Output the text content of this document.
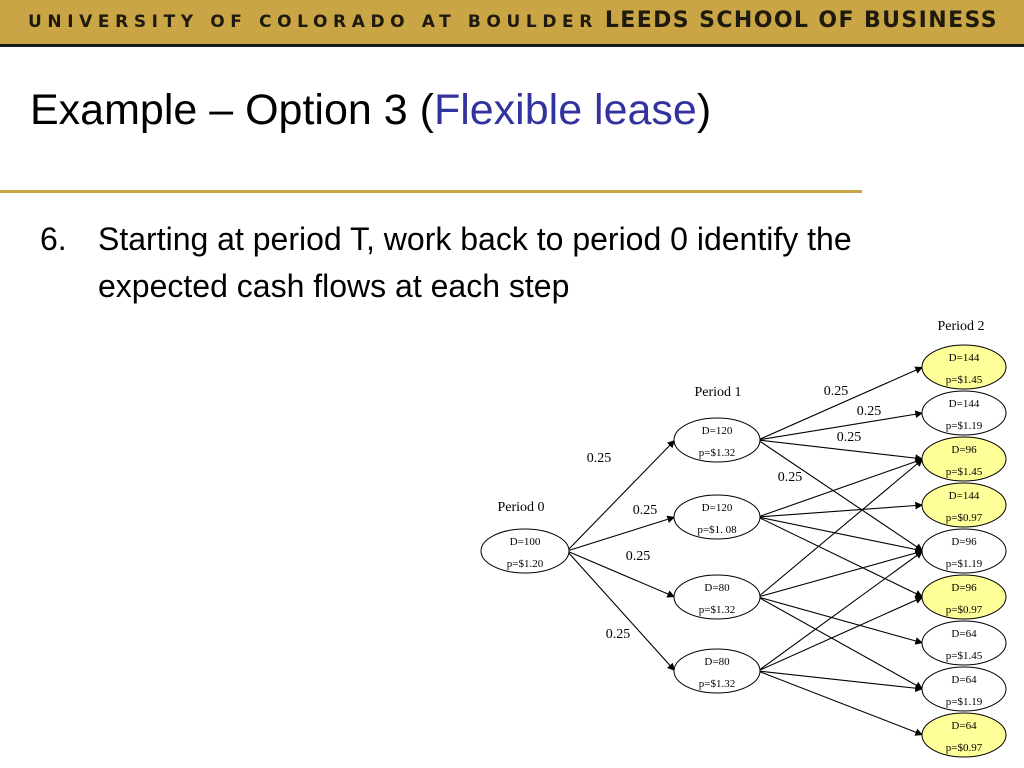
UNIVERSITY OF COLORADO AT BOULDER LEEDS SCHOOL OF BUSINESS
Example – Option 3 (Flexible lease)
6. Starting at period T, work back to period 0 identify the expected cash flows at each step
D=100
p=$1.20
D=120
p=$1.32
D=120
p=$1. 08
D=80
p=$1.32
D=80
p=$1.32
D=144
p=$1.45
D=144
p=$1.19
D=96
p=$1.45
D=144
p=$0.97
D=96
p=$1.19
D=96
p=$0.97
D=64
p=$1.45
D=64
p=$1.19
D=64
p=$0.97
Period 0
Period 1
Period 2
0.25
0.25
0.25
0.25
0.25
0.25
0.25
0.25
